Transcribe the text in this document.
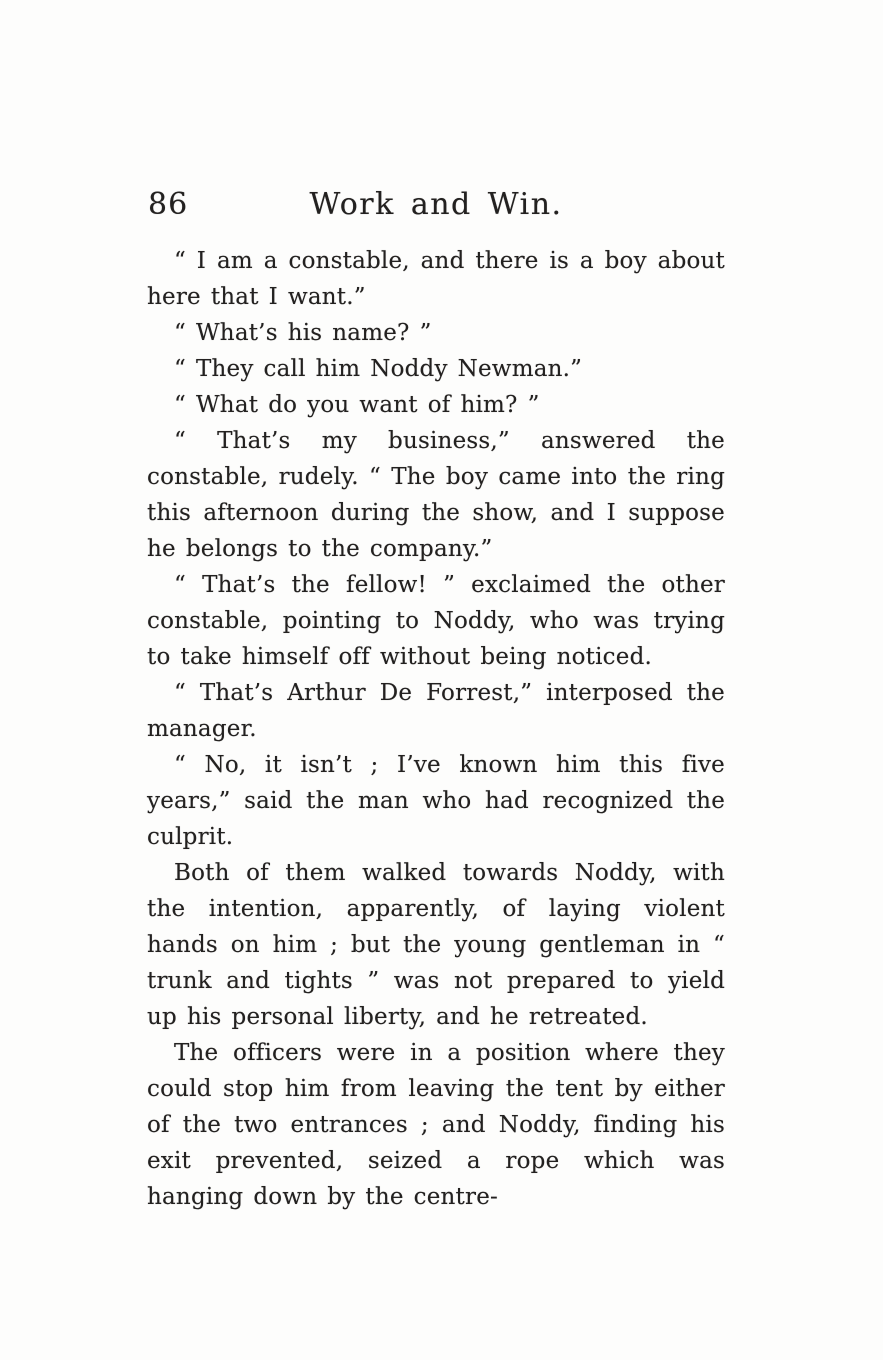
86	Work and Win.

“ I am a constable, and there is a boy about here that I want.”

“ What’s his name? ”

“ They call him Noddy Newman.”

“ What do you want of him? ”

“ That’s my business,” answered the constable, rudely. “ The boy came into the ring this afternoon during the show, and I suppose he belongs to the company.”

“ That’s the fellow! ” exclaimed the other constable, pointing to Noddy, who was trying to take himself off without being noticed.

“ That’s Arthur De Forrest,” interposed the manager.

“ No, it isn’t ; I’ve known him this five years,” said the man who had recognized the culprit.

Both of them walked towards Noddy, with the intention, apparently, of laying violent hands on him ; but the young gentleman in “ trunk and tights ” was not prepared to yield up his personal liberty, and he retreated.

The officers were in a position where they could stop him from leaving the tent by either of the two entrances ; and Noddy, finding his exit prevented, seized a rope which was hanging down by the centre-
